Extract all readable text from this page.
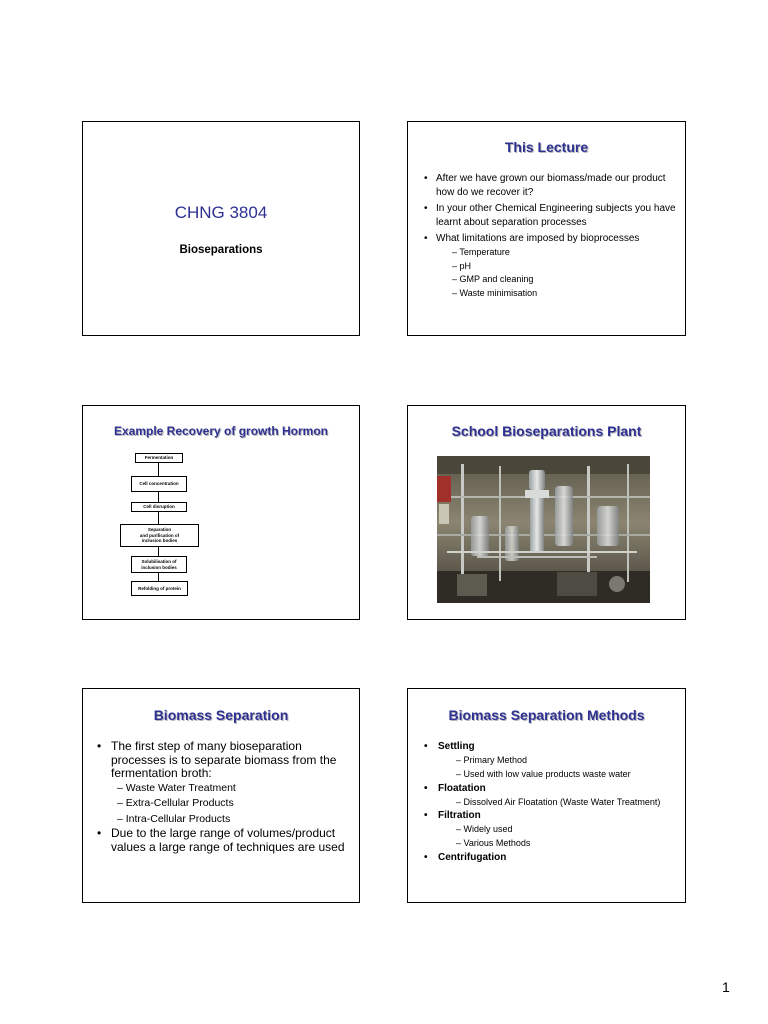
CHNG 3804
Bioseparations
This Lecture
• After we have grown our biomass/made our product how do we recover it?
• In your other Chemical Engineering subjects you have learnt about separation processes
• What limitations are imposed by bioprocesses
– Temperature
– pH
– GMP and cleaning
– Waste minimisation
Example Recovery of growth Hormon
Fermentation
Cell concentration
Cell disruption
Separation
and purification of
inclusion bodies
Solubilisation of
inclusion bodies
Refolding of protein
School Bioseparations Plant
Biomass Separation
• The first step of many bioseparation processes is to separate biomass from the fermentation broth:
– Waste Water Treatment
– Extra-Cellular Products
– Intra-Cellular Products
• Due to the large range of volumes/product values a large range of techniques are used
Biomass Separation Methods
• Settling
– Primary Method
– Used with low value products waste water
• Floatation
– Dissolved Air Floatation (Waste Water Treatment)
• Filtration
– Widely used
– Various Methods
• Centrifugation
1
